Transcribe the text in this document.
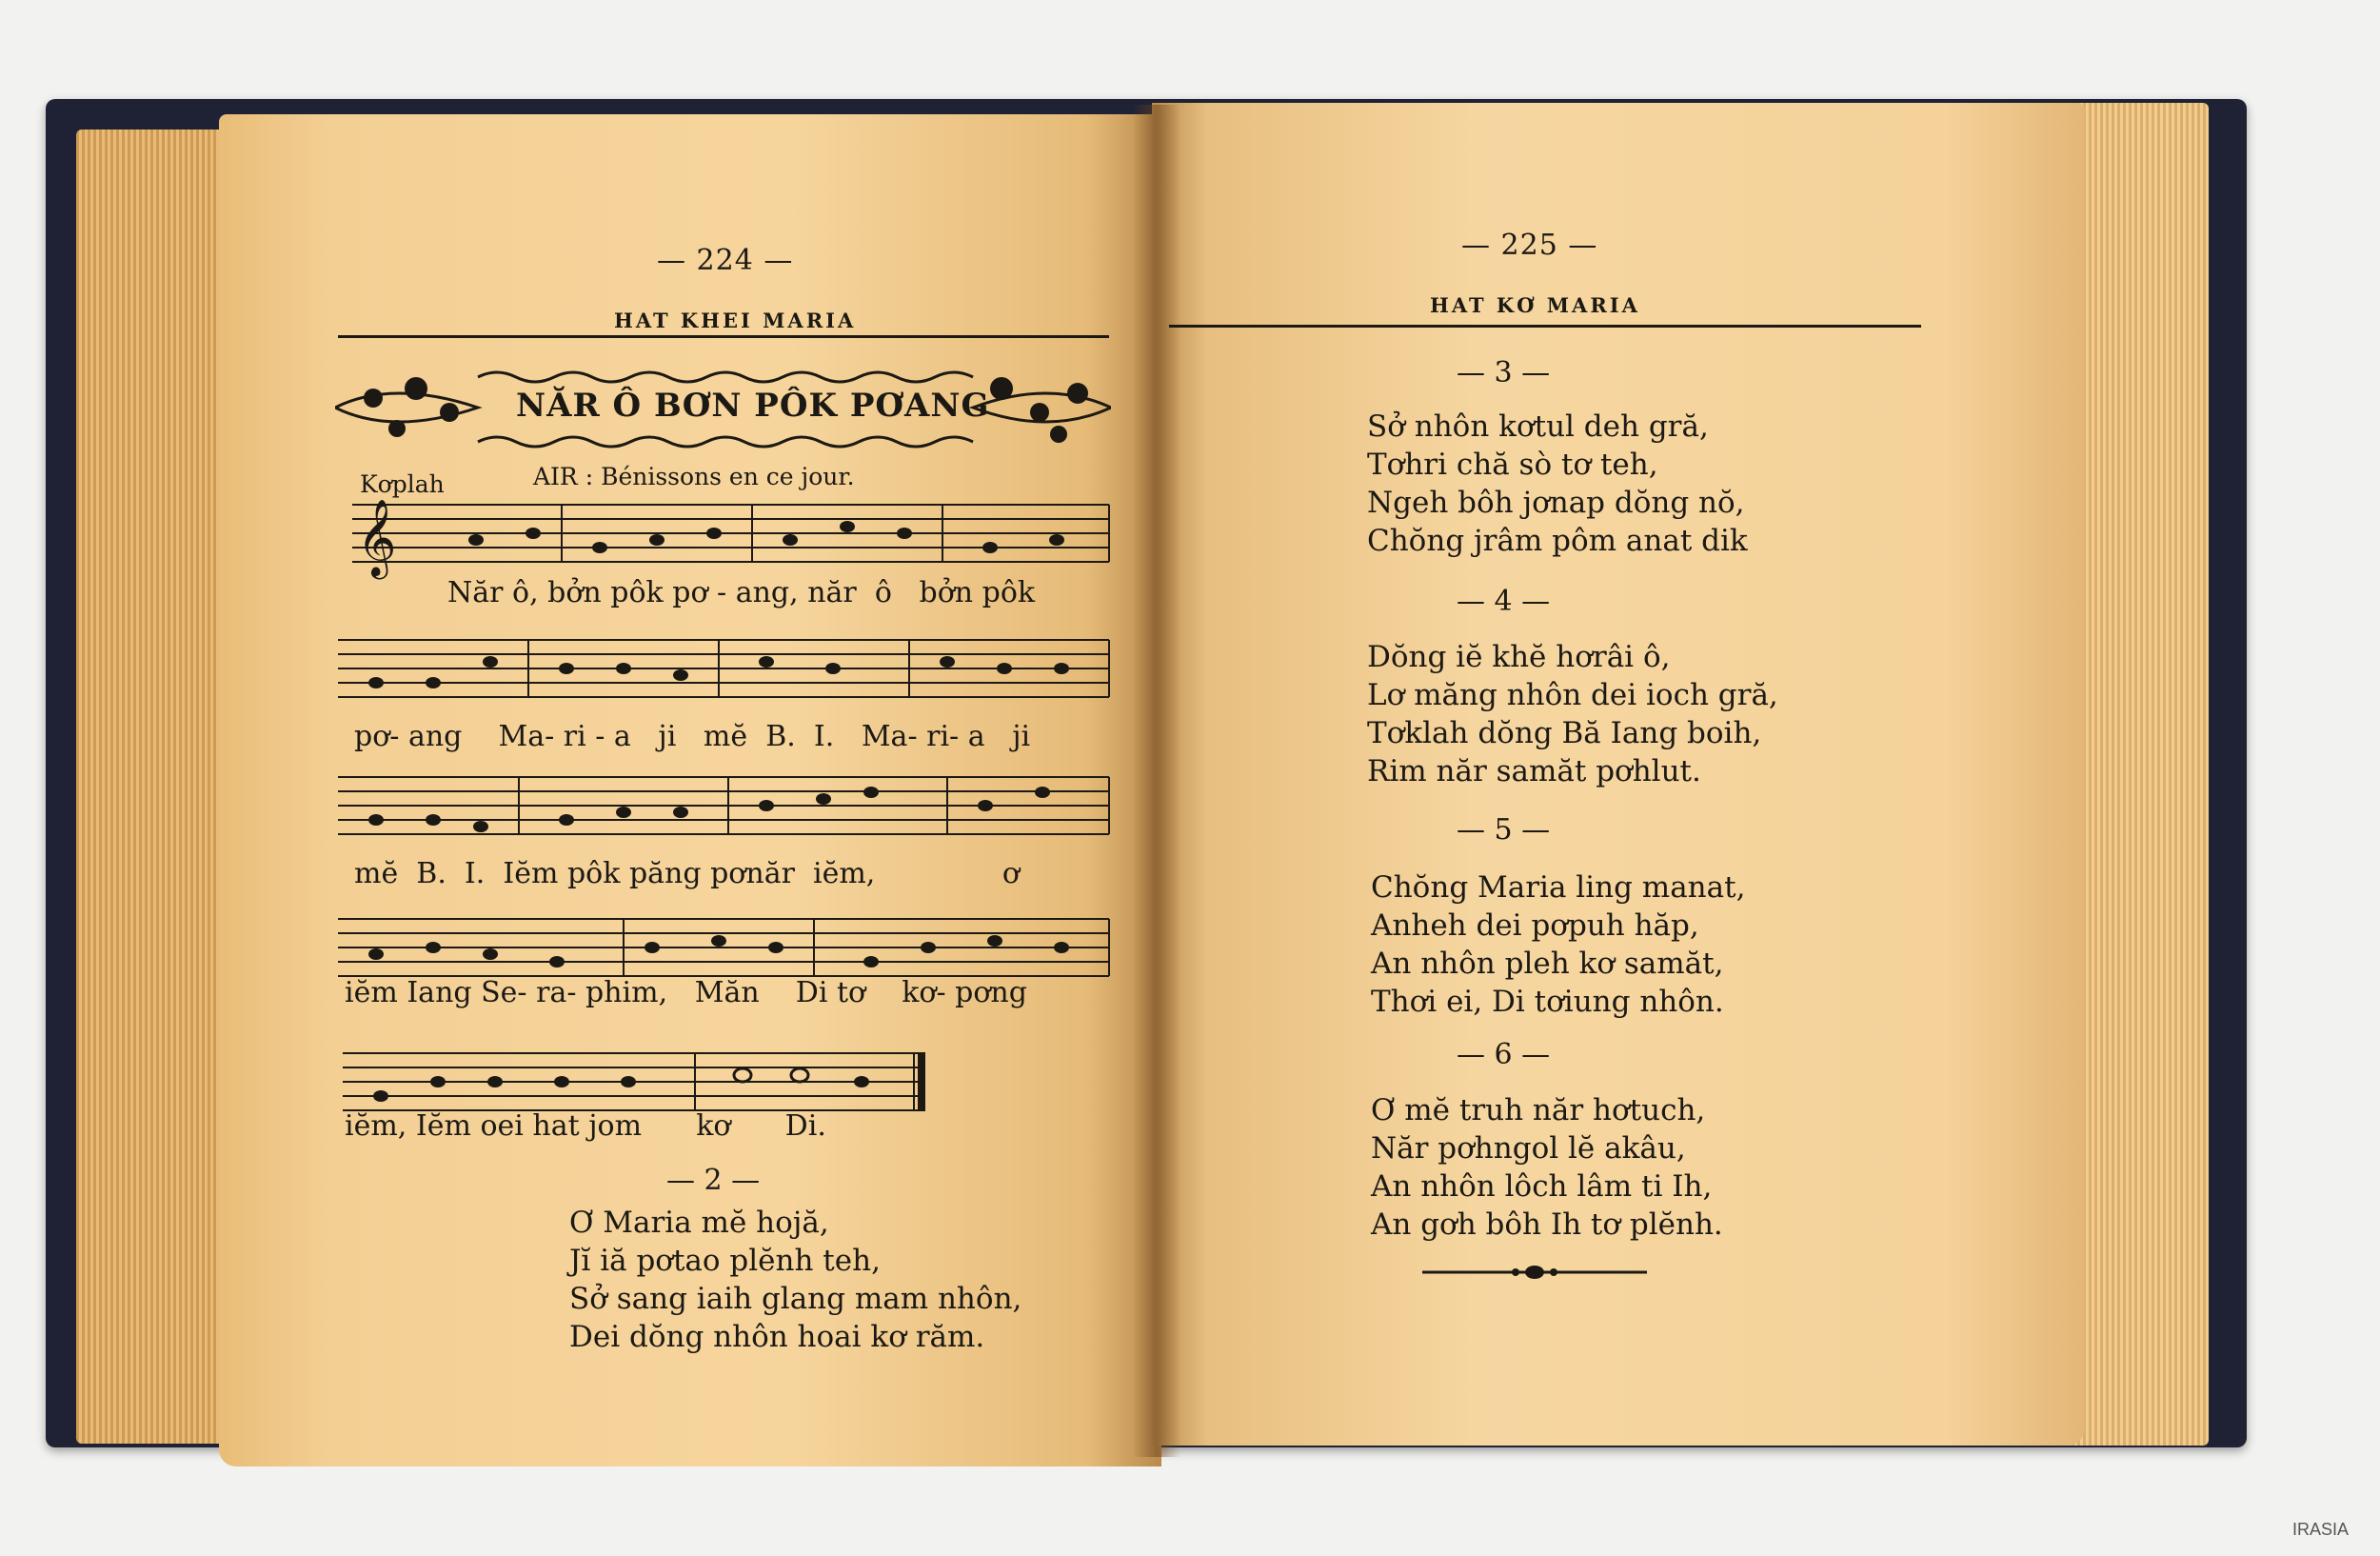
— 224 —
HAT KHEI MARIA
NĂR Ô BƠN PÔK PƠANG
Kơplah	AIR : Bénissons en ce jour.
𝄞
Năr ô, bởn pôk pơ - ang, năr  ô   bởn pôk
pơ- ang    Ma- ri - a   ji   mĕ  B.  I.   Ma- ri- a   ji
mĕ  B.  I.  Iĕm pôk păng pơnăr  iĕm,              ơ
iĕm Iang Se- ra- phim,   Măn    Di tơ    kơ- pơng
iĕm, Iĕm oei hat jom      kơ      Di.
— 2 —
Ơ Maria mĕ hojă,
Jĭ iă pơtao plĕnh teh,
Sở sang iaih glang mam nhôn,
Dei dŏng nhôn hoai kơ răm.
— 225 —
HAT KƠ MARIA
— 3 —
Sở nhôn kơtul deh gră,
Tơhri chă sò tơ teh,
Ngeh bôh jơnap dŏng nŏ,
Chŏng jrâm pôm anat dik
— 4 —
Dŏng iĕ khĕ hơrâi ô,
Lơ măng nhôn dei ioch gră,
Tơklah dŏng Bă Iang boih,
Rim năr samăt pơhlut.
— 5 —
Chŏng Maria ling manat,
Anheh dei pơpuh hăp,
An nhôn pleh kơ samăt,
Thơi ei, Di tơiung nhôn.
— 6 —
Ơ mĕ truh năr hơtuch,
Năr pơhngol lĕ akâu,
An nhôn lôch lâm ti Ih,
An gơh bôh Ih tơ plĕnh.
IRASIA
